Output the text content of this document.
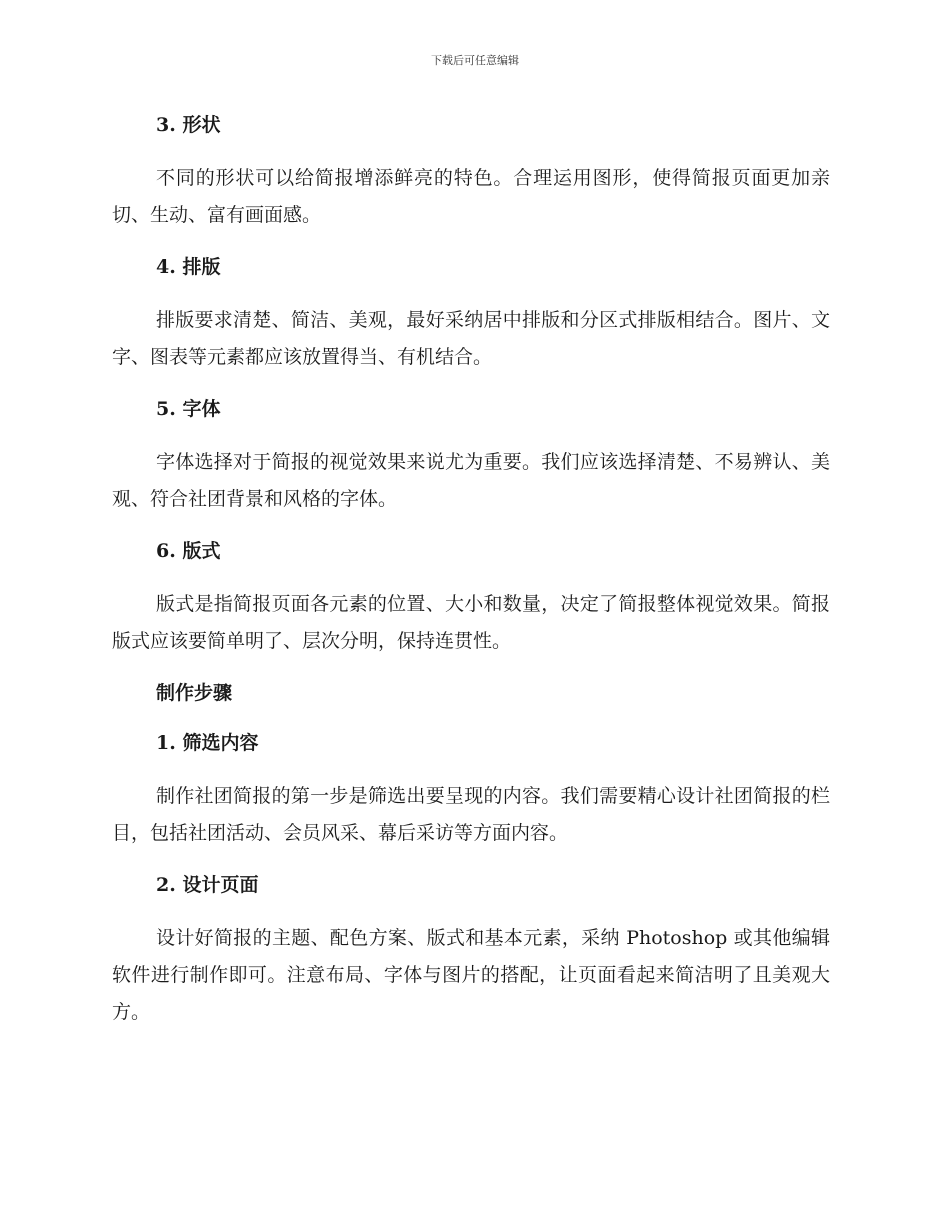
下载后可任意编辑
3. 形状

不同的形状可以给简报增添鲜亮的特色。合理运用图形，使得简报页面更加亲切、生动、富有画面感。

4. 排版

排版要求清楚、简洁、美观，最好采纳居中排版和分区式排版相结合。图片、文字、图表等元素都应该放置得当、有机结合。

5. 字体

字体选择对于简报的视觉效果来说尤为重要。我们应该选择清楚、不易辨认、美观、符合社团背景和风格的字体。

6. 版式

版式是指简报页面各元素的位置、大小和数量，决定了简报整体视觉效果。简报版式应该要简单明了、层次分明，保持连贯性。

制作步骤
1. 筛选内容

制作社团简报的第一步是筛选出要呈现的内容。我们需要精心设计社团简报的栏目，包括社团活动、会员风采、幕后采访等方面内容。

2. 设计页面

设计好简报的主题、配色方案、版式和基本元素，采纳 Photoshop 或其他编辑软件进行制作即可。注意布局、字体与图片的搭配，让页面看起来简洁明了且美观大方。
